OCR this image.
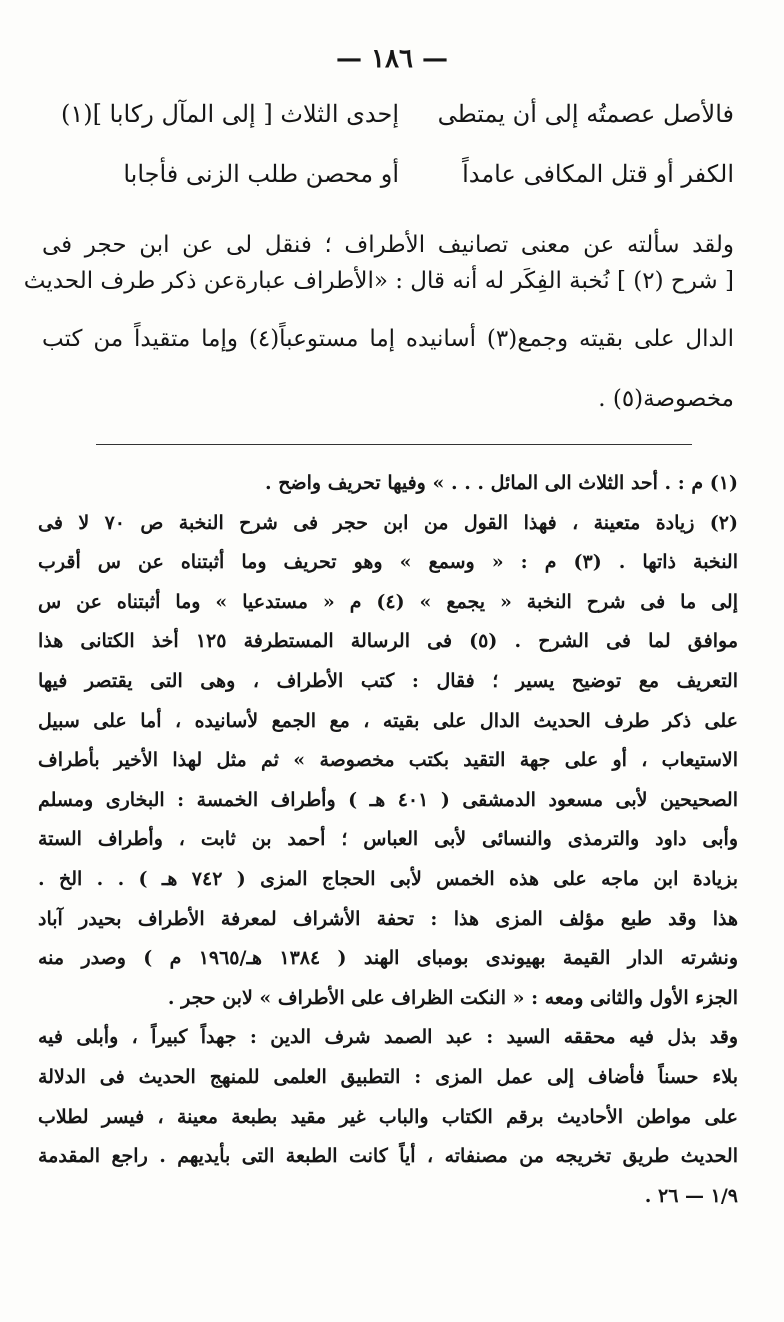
— ١٨٦ —
فالأصل عصمتُه إلى أن يمتطى
إحدى الثلاث [ إلى المآل ركابا ](١)
الكفر أو قتل المكافى عامداً
أو محصن طلب الزنى فأجابا
ولقد سألته عن معنى تصانيف الأطراف ؛ فنقل لى عن ابن حجر فى
[ شرح (٢) ] نُخبة الفِكَر له أنه قال : «الأطراف عبارةعن ذكر طرف الحديث
الدال على بقيته وجمع(٣) أسانيده إما مستوعباً(٤) وإما متقيداً من كتب
مخصوصة(٥) .
(١) م : . أحد الثلاث الى المائل . . . » وفيها تحريف واضح .
(٢) زيادة متعينة ، فهذا القول من ابن حجر فى شرح النخبة ص ٧٠ لا فى
النخبة ذاتها . (٣) م : « وسمع » وهو تحريف وما أثبتناه عن س أقرب
إلى ما فى شرح النخبة « يجمع » (٤) م « مستدعيا » وما أثبتناه عن س
موافق لما فى الشرح . (٥) فى الرسالة المستطرفة ١٢٥ أخذ الكتانى هذا
التعريف مع توضيح يسير ؛ فقال : كتب الأطراف ، وهى التى يقتصر فيها
على ذكر طرف الحديث الدال على بقيته ، مع الجمع لأسانيده ، أما على سبيل
الاستيعاب ، أو على جهة التقيد بكتب مخصوصة » ثم مثل لهذا الأخير بأطراف
الصحيحين لأبى مسعود الدمشقى ( ٤٠١ هـ ) وأطراف الخمسة : البخارى ومسلم
وأبى داود والترمذى والنسائى لأبى العباس ؛ أحمد بن ثابت ، وأطراف الستة
بزيادة ابن ماجه على هذه الخمس لأبى الحجاج المزى ( ٧٤٢ هـ ) . . الخ .
هذا وقد طبع مؤلف المزى هذا : تحفة الأشراف لمعرفة الأطراف بحيدر آباد
ونشرته الدار القيمة بهيوندى بومباى الهند ( ١٣٨٤ هـ/١٩٦٥ م ) وصدر منه
الجزء الأول والثانى ومعه : « النكت الظراف على الأطراف » لابن حجر .
وقد بذل فيه محققه السيد : عبد الصمد شرف الدين : جهداً كبيراً ، وأبلى فيه
بلاء حسناً فأضاف إلى عمل المزى : التطبيق العلمى للمنهج الحديث فى الدلالة
على مواطن الأحاديث برقم الكتاب والباب غير مقيد بطبعة معينة ، فيسر لطلاب
الحديث طريق تخريجه من مصنفاته ، أياً كانت الطبعة التى بأيديهم . راجع المقدمة
١/٩ — ٢٦ .
